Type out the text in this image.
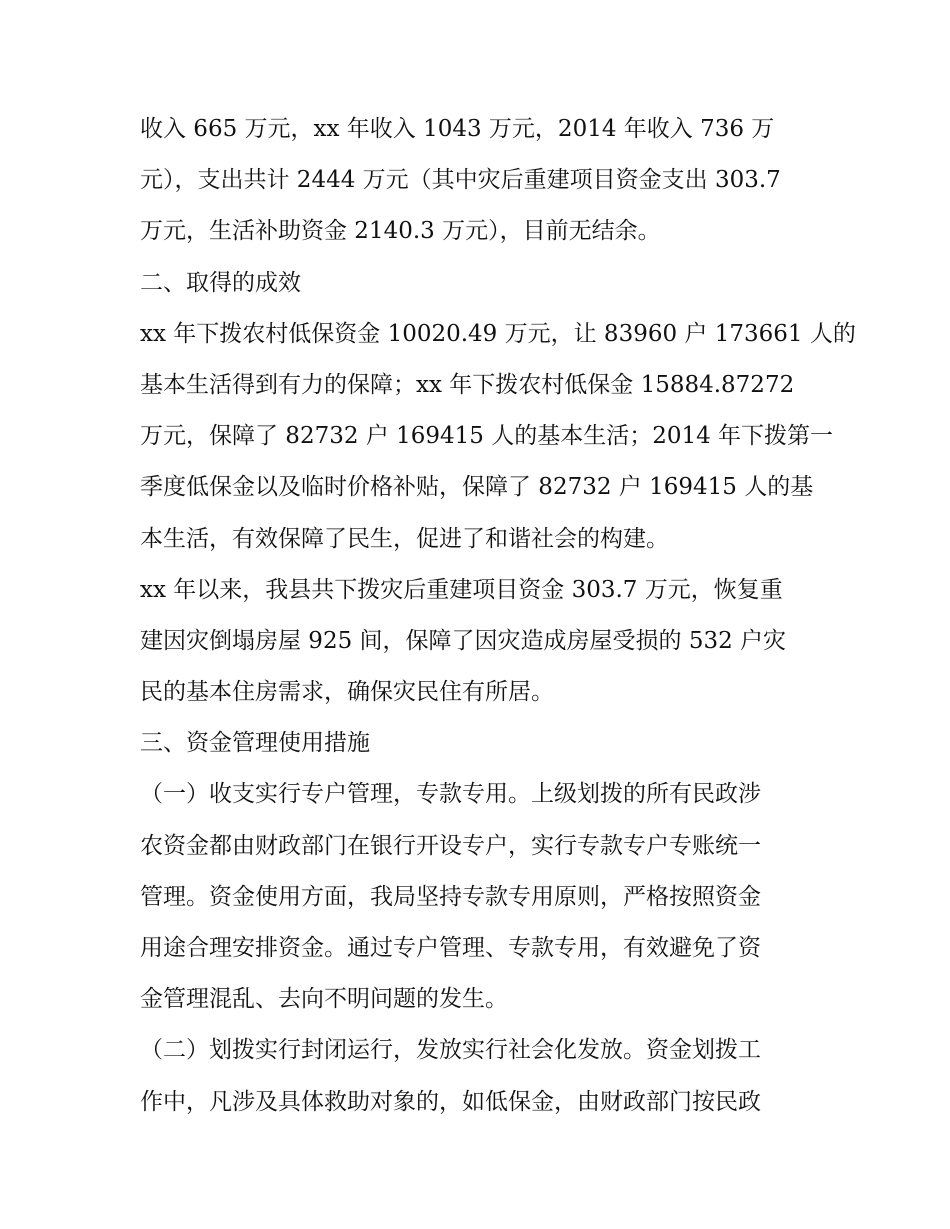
收入 665 万元，xx 年收入 1043 万元，2014 年收入 736 万
元），支出共计 2444 万元（其中灾后重建项目资金支出 303.7
万元，生活补助资金 2140.3 万元），目前无结余。
二、取得的成效
xx 年下拨农村低保资金 10020.49 万元，让 83960 户 173661 人的
基本生活得到有力的保障；xx 年下拨农村低保金 15884.87272
万元，保障了 82732 户 169415 人的基本生活；2014 年下拨第一
季度低保金以及临时价格补贴，保障了 82732 户 169415 人的基
本生活，有效保障了民生，促进了和谐社会的构建。
xx 年以来，我县共下拨灾后重建项目资金 303.7 万元，恢复重
建因灾倒塌房屋 925 间，保障了因灾造成房屋受损的 532 户灾
民的基本住房需求，确保灾民住有所居。
三、资金管理使用措施
（一）收支实行专户管理，专款专用。上级划拨的所有民政涉
农资金都由财政部门在银行开设专户，实行专款专户专账统一
管理。资金使用方面，我局坚持专款专用原则，严格按照资金
用途合理安排资金。通过专户管理、专款专用，有效避免了资
金管理混乱、去向不明问题的发生。
（二）划拨实行封闭运行，发放实行社会化发放。资金划拨工
作中，凡涉及具体救助对象的，如低保金，由财政部门按民政
